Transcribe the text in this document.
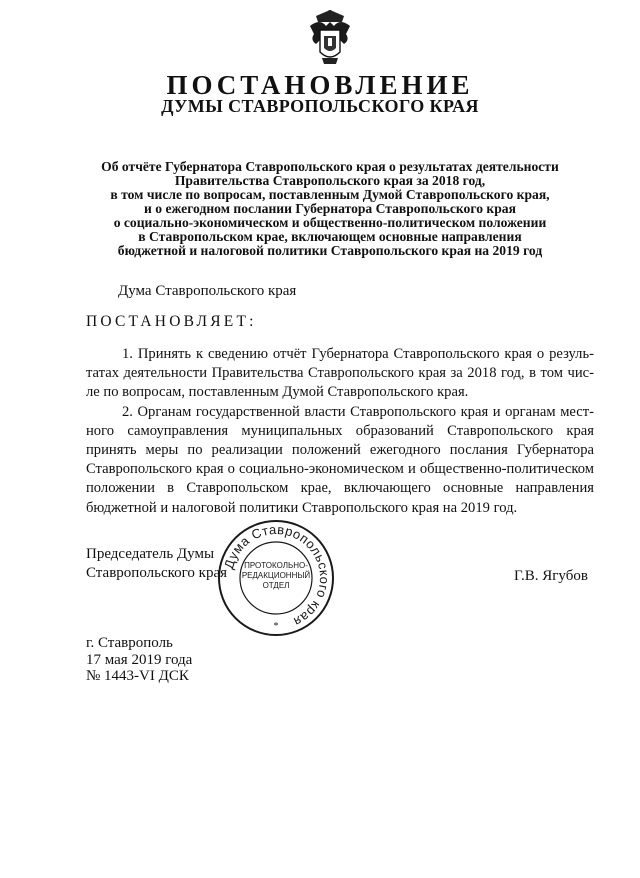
ПОСТАНОВЛЕНИЕ
ДУМЫ СТАВРОПОЛЬСКОГО КРАЯ
Об отчёте Губернатора Ставропольского края о результатах деятельности
Правительства Ставропольского края за 2018 год,
в том числе по вопросам, поставленным Думой Ставропольского края,
и о ежегодном послании Губернатора Ставропольского края
о социально-экономическом и общественно-политическом положении
в Ставропольском крае, включающем основные направления
бюджетной и налоговой политики Ставропольского края на 2019 год
Дума Ставропольского края
ПОСТАНОВЛЯЕТ:

1. Принять к сведению отчёт Губернатора Ставропольского края о результатах деятельности Правительства Ставропольского края за 2018 год, в том числе по вопросам, поставленным Думой Ставропольского края.

2. Органам государственной власти Ставропольского края и органам местного самоуправления муниципальных образований Ставропольского края принять меры по реализации положений ежегодного послания Губернатора Ставропольского края о социально-экономическом и общественно-политическом положении в Ставропольском крае, включающего основные направления бюджетной и налоговой политики Ставропольского края на 2019 год.

Председатель Думы
Ставропольского края	Г.В. Ягубов
Дума Ставропольского края
*
ПРОТОКОЛЬНО-
РЕДАКЦИОННЫЙ
ОТДЕЛ
г. Ставрополь
17 мая 2019 года
№ 1443-VI ДСК
